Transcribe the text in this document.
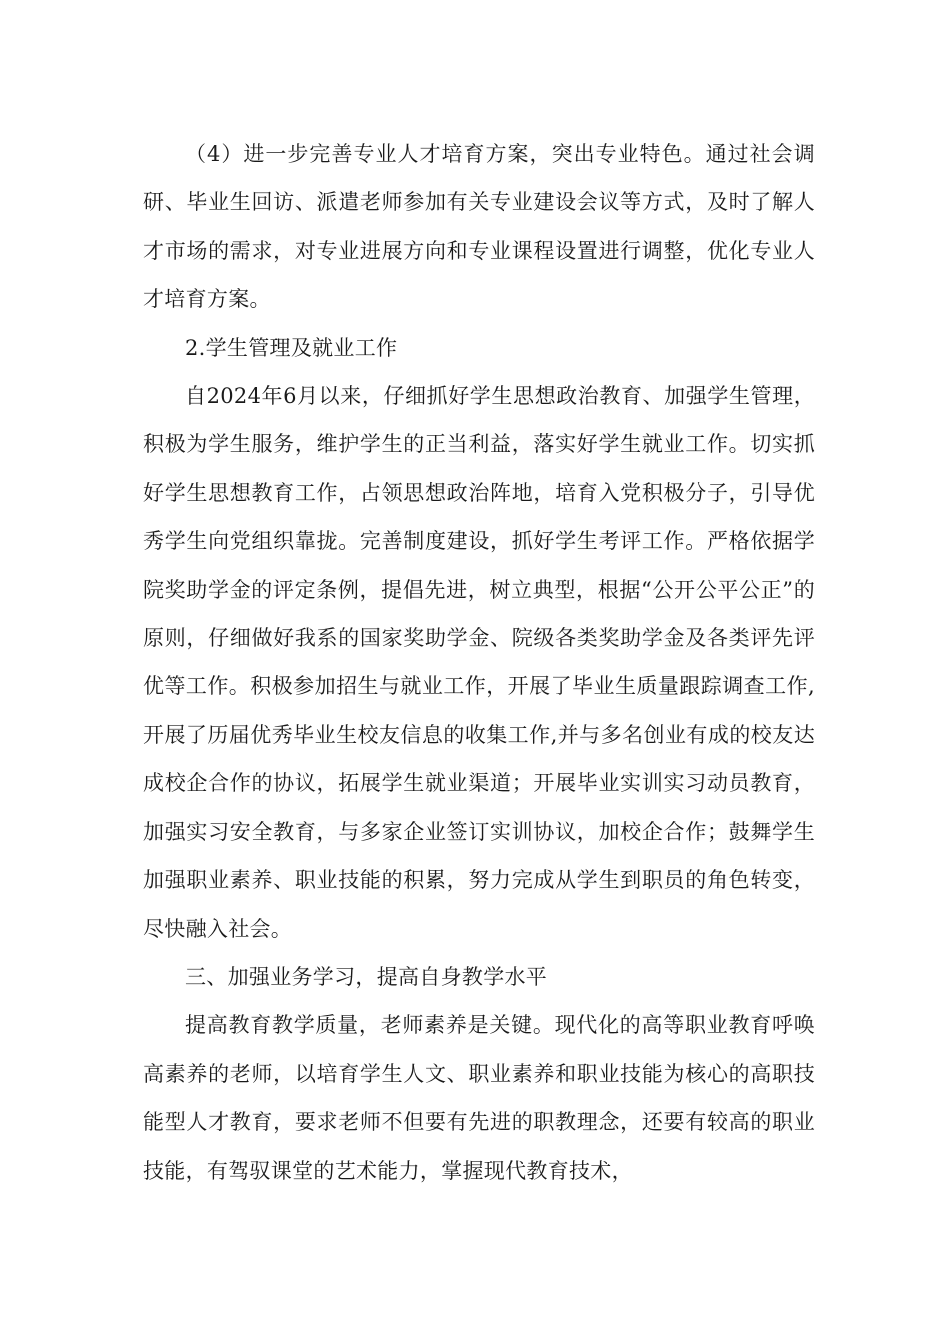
（4）进一步完善专业人才培育方案，突出专业特色。通过社会调研、毕业生回访、派遣老师参加有关专业建设会议等方式，及时了解人才市场的需求，对专业进展方向和专业课程设置进行调整，优化专业人才培育方案。

2.学生管理及就业工作

自2024年6月以来，仔细抓好学生思想政治教育、加强学生管理，积极为学生服务，维护学生的正当利益，落实好学生就业工作。切实抓好学生思想教育工作，占领思想政治阵地，培育入党积极分子，引导优秀学生向党组织靠拢。完善制度建设，抓好学生考评工作。严格依据学院奖助学金的评定条例，提倡先进，树立典型，根据“公开公平公正”的原则，仔细做好我系的国家奖助学金、院级各类奖助学金及各类评先评优等工作。积极参加招生与就业工作，开展了毕业生质量跟踪调查工作,开展了历届优秀毕业生校友信息的收集工作,并与多名创业有成的校友达成校企合作的协议，拓展学生就业渠道；开展毕业实训实习动员教育，加强实习安全教育，与多家企业签订实训协议，加校企合作；鼓舞学生加强职业素养、职业技能的积累，努力完成从学生到职员的角色转变，尽快融入社会。

三、加强业务学习，提高自身教学水平

提高教育教学质量，老师素养是关键。现代化的高等职业教育呼唤高素养的老师，以培育学生人文、职业素养和职业技能为核心的高职技能型人才教育，要求老师不但要有先进的职教理念，还要有较高的职业技能，有驾驭课堂的艺术能力，掌握现代教育技术，
